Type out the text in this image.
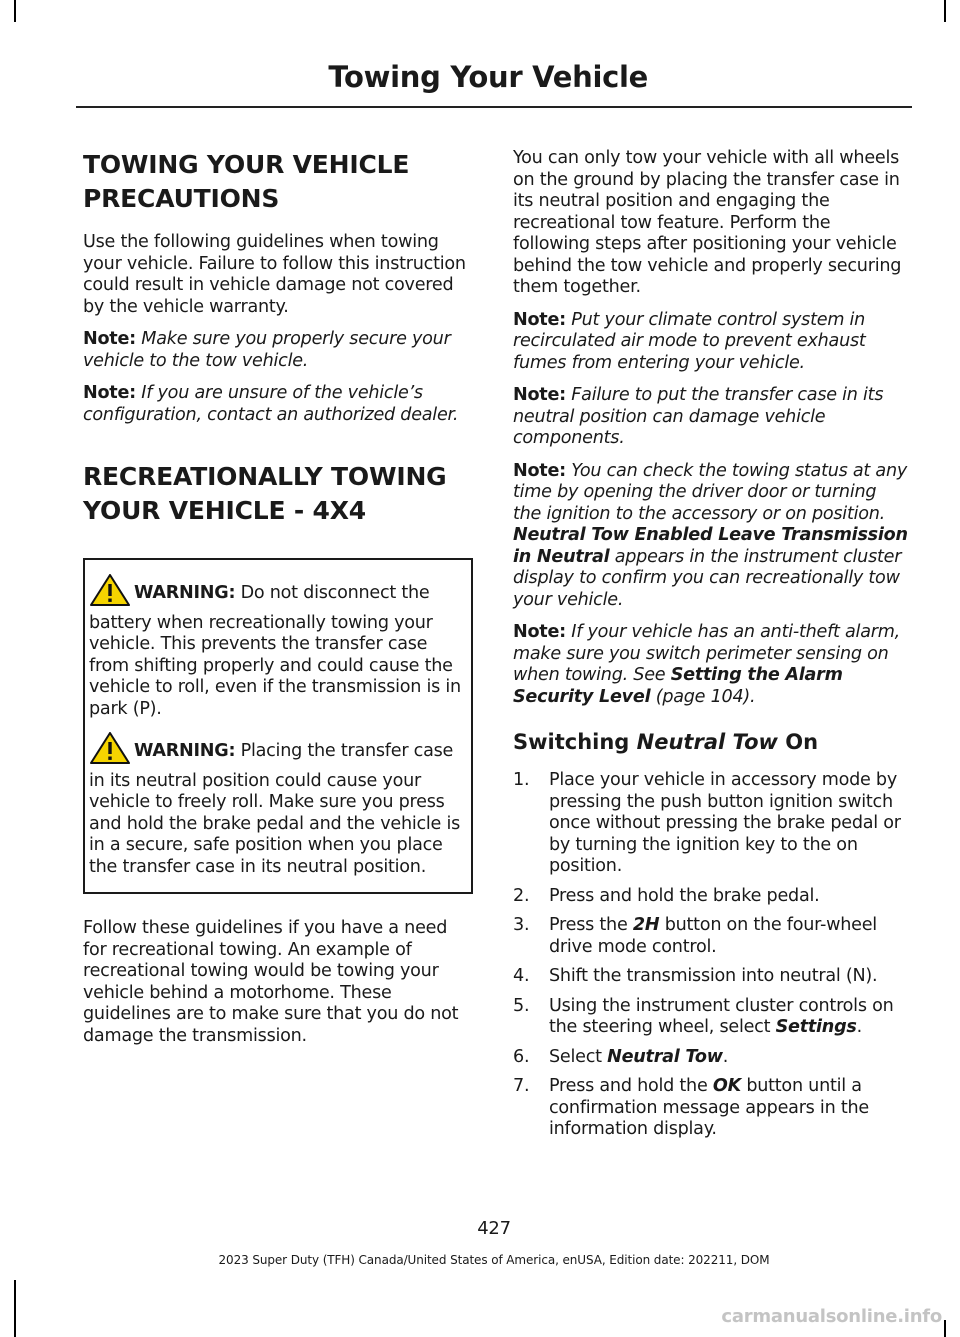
Towing Your Vehicle
TOWING YOUR VEHICLE
PRECAUTIONS

Use the following guidelines when towing your vehicle. Failure to follow this instruction could result in vehicle damage not covered by the vehicle warranty.

Note: Make sure you properly secure your vehicle to the tow vehicle.

Note: If you are unsure of the vehicle’s configuration, contact an authorized dealer.

RECREATIONALLY TOWING
YOUR VEHICLE - 4X4

WARNING: Do not disconnect the battery when recreationally towing your vehicle. This prevents the transfer case from shifting properly and could cause the vehicle to roll, even if the transmission is in park (P).

WARNING: Placing the transfer case in its neutral position could cause your vehicle to freely roll. Make sure you press and hold the brake pedal and the vehicle is in a secure, safe position when you place the transfer case in its neutral position.

Follow these guidelines if you have a need for recreational towing. An example of recreational towing would be towing your vehicle behind a motorhome. These guidelines are to make sure that you do not damage the transmission.

You can only tow your vehicle with all wheels on the ground by placing the transfer case in its neutral position and engaging the recreational tow feature. Perform the following steps after positioning your vehicle behind the tow vehicle and properly securing them together.

Note: Put your climate control system in recirculated air mode to prevent exhaust fumes from entering your vehicle.

Note: Failure to put the transfer case in its neutral position can damage vehicle components.

Note: You can check the towing status at any time by opening the driver door or turning the ignition to the accessory or on position. Neutral Tow Enabled Leave Transmission in Neutral appears in the instrument cluster display to confirm you can recreationally tow your vehicle.

Note: If your vehicle has an anti-theft alarm, make sure you switch perimeter sensing on when towing. See Setting the Alarm Security Level (page 104).

Switching Neutral Tow On
1. Place your vehicle in accessory mode by pressing the push button ignition switch once without pressing the brake pedal or by turning the ignition key to the on position.
2. Press and hold the brake pedal.
3. Press the 2H button on the four-wheel drive mode control.
4. Shift the transmission into neutral (N).
5. Using the instrument cluster controls on the steering wheel, select Settings.
6. Select Neutral Tow.
7. Press and hold the OK button until a confirmation message appears in the information display.

427

2023 Super Duty (TFH) Canada/United States of America, enUSA, Edition date: 202211, DOM

carmanualsonline.info
